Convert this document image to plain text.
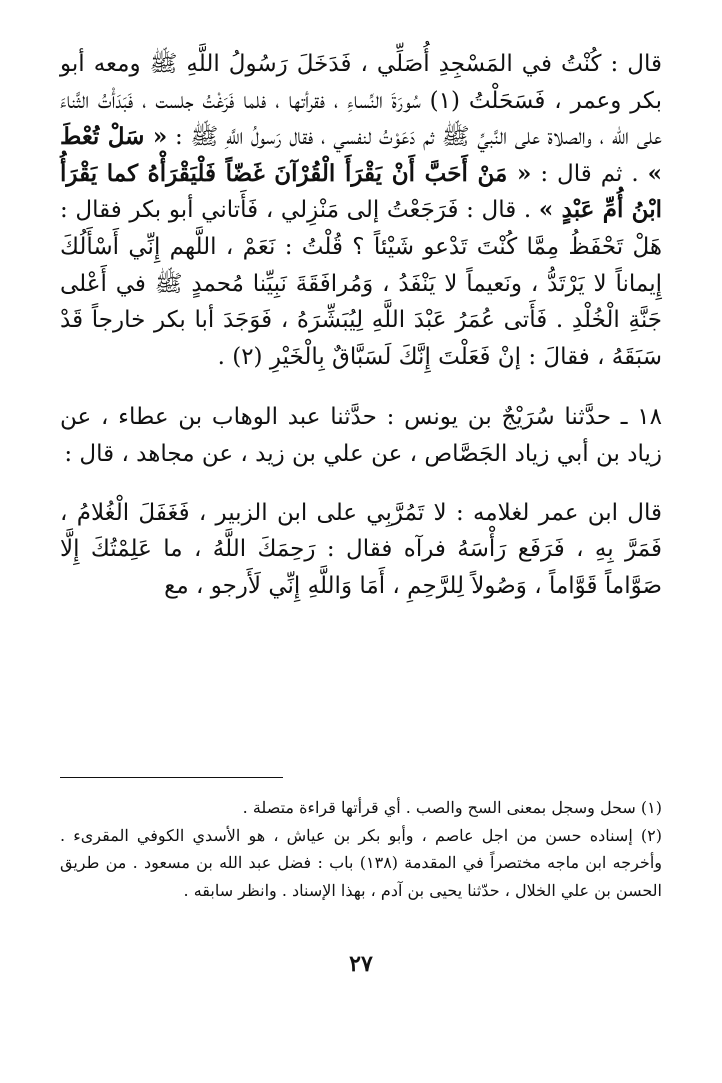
قال : كُنْتُ في المَسْجِدِ أُصَلِّي ، فَدَخَلَ رَسُولُ اللَّهِ ﷺ ومعه أبو بكر وعمر ، فَسَحَلْتُ (١) سُورَةَ النِّساءِ ، فقرأتها ، فلما فَرَغْتُ جلست ، فَبَدَأْتُ الثَّناءَ على الله ، والصلاة على النَّبيِّ ﷺ ثم دَعَوْتُ لنفسي ، فقال رَسولُ اللَّهِ ﷺ : « سَلْ تُعْطَ » . ثم قال : « مَنْ أَحَبَّ أَنْ يَقْرَأَ الْقُرْآنَ غَضّاً فَلْيَقْرَأْهُ كما يَقْرَأُ ابْنُ أُمِّ عَبْدٍ » . قال : فَرَجَعْتُ إلى مَنْزِلي ، فَأَتاني أبو بكر فقال : هَلْ تَحْفَظُ مِمَّا كُنْتَ تَدْعو شَيْئاً ؟ قُلْتُ : نَعَمْ ، اللَّهم إِنِّي أَسْأَلُكَ إِيماناً لا يَرْتَدُّ ، ونَعيماً لا يَنْفَدُ ، وَمُرافَقَةَ نَبِيِّنا مُحمدٍ ﷺ في أَعْلى جَنَّةِ الْخُلْدِ . فَأَتى عُمَرُ عَبْدَ اللَّهِ لِيُبَشِّرَهُ ، فَوَجَدَ أبا بكر خارجاً قَدْ سَبَقَهُ ، فقالَ : إنْ فَعَلْتَ إِنَّكَ لَسَبَّاقٌ بِالْخَيْرِ (٢) .

١٨ ـ حدَّثنا سُرَيْجٌ بن يونس : حدَّثنا عبد الوهاب بن عطاء ، عن زياد بن أبي زياد الجَصَّاص ، عن علي بن زيد ، عن مجاهد ، قال :

قال ابن عمر لغلامه : لا تَمُرَّبِي على ابن الزبير ، فَغَفَلَ الْغُلامُ ، فَمَرَّ بِهِ ، فَرَفَع رَأْسَهُ فرآه فقال : رَحِمَكَ اللَّهُ ، ما عَلِمْتُكَ إِلَّا صَوَّاماً قَوَّاماً ، وَصُولاً لِلرَّحِمِ ، أَمَا وَاللَّهِ إِنِّي لَأَرجو ، مع

(١) سحل وسجل بمعنى السح والصب . أي قرأتها قراءة متصلة .

(٢) إسناده حسن من اجل عاصم ، وأبو بكر بن عياش ، هو الأسدي الكوفي المقرىء . وأخرجه ابن ماجه مختصراً في المقدمة (١٣٨) باب : فضل عبد الله بن مسعود . من طريق الحسن بن علي الخلال ، حدّثنا يحيى بن آدم ، بهذا الإسناد . وانظر سابقه .

٢٧
